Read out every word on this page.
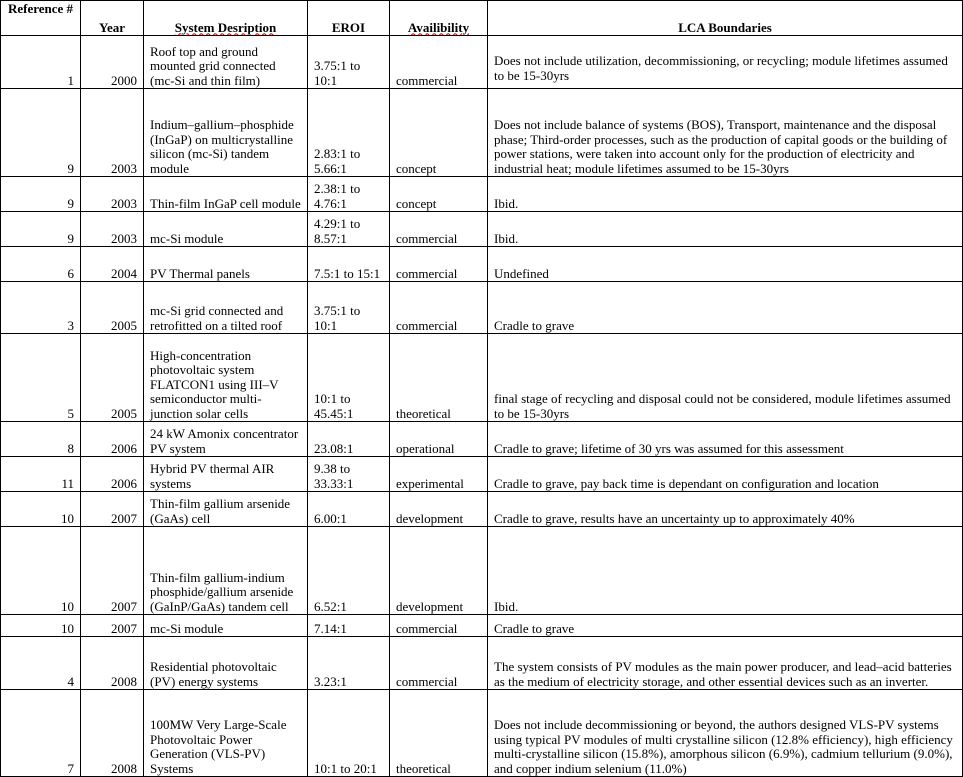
Reference #	Year	System Desription	EROI	Availibility	LCA Boundaries
1	2000	Roof top and ground mounted grid connected (mc-Si and thin film)	3.75:1 to 10:1	commercial	Does not include utilization, decommissioning, or recycling; module lifetimes assumed to be 15-30yrs
9	2003	Indium–gallium–phosphide (InGaP) on multicrystalline silicon (mc-Si) tandem module	2.83:1 to 5.66:1	concept	Does not include balance of systems (BOS), Transport, maintenance and the disposal phase; Third-order processes, such as the production of capital goods or the building of power stations, were taken into account only for the production of electricity and industrial heat; module lifetimes assumed to be 15-30yrs
9	2003	Thin-film InGaP cell module	2.38:1 to 4.76:1	concept	Ibid.
9	2003	mc-Si module	4.29:1 to 8.57:1	commercial	Ibid.
6	2004	PV Thermal panels	7.5:1 to 15:1	commercial	Undefined
3	2005	mc-Si grid connected and retrofitted on a tilted roof	3.75:1 to 10:1	commercial	Cradle to grave
5	2005	High-concentration photovoltaic system FLATCON1 using III–V semiconductor multi-junction solar cells	10:1 to 45.45:1	theoretical	final stage of recycling and disposal could not be considered, module lifetimes assumed to be 15-30yrs
8	2006	24 kW Amonix concentrator PV system	23.08:1	operational	Cradle to grave; lifetime of 30 yrs was assumed for this assessment
11	2006	Hybrid PV thermal AIR systems	9.38 to 33.33:1	experimental	Cradle to grave, pay back time is dependant on configuration and location
10	2007	Thin-film gallium arsenide (GaAs) cell	6.00:1	development	Cradle to grave, results have an uncertainty up to approximately 40%
10	2007	Thin-film gallium-indium phosphide/gallium arsenide (GaInP/GaAs) tandem cell	6.52:1	development	Ibid.
10	2007	mc-Si module	7.14:1	commercial	Cradle to grave
4	2008	Residential photovoltaic (PV) energy systems	3.23:1	commercial	The system consists of PV modules as the main power producer, and lead–acid batteries as the medium of electricity storage, and other essential devices such as an inverter.
7	2008	100MW Very Large-Scale Photovoltaic Power Generation (VLS-PV) Systems	10:1 to 20:1	theoretical	Does not include decommissioning or beyond, the authors designed VLS-PV systems using typical PV modules of multi crystalline silicon (12.8% efficiency), high efficiency multi-crystalline silicon (15.8%), amorphous silicon (6.9%), cadmium tellurium (9.0%), and copper indium selenium (11.0%)
